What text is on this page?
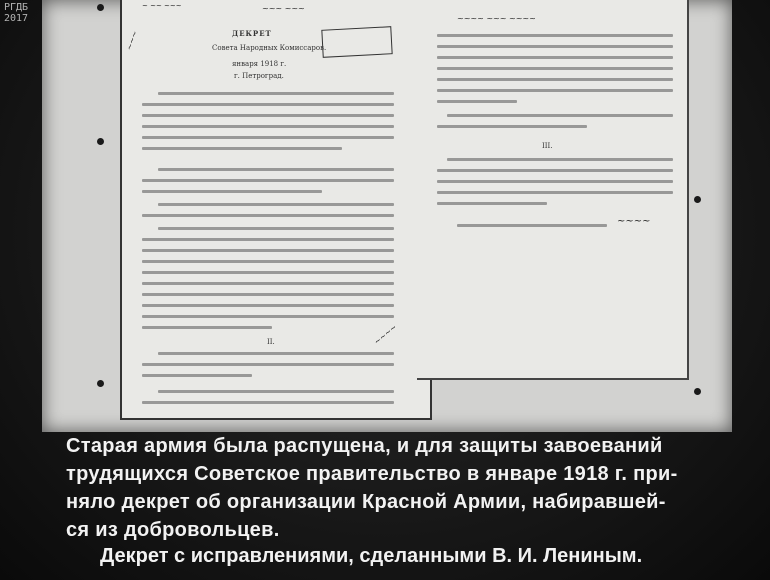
РГДБ
2017
~ ~~ ~~~	~~~ ~~~
~~~	ДЕКРЕТ
Совета Народных Комиссаров.
января 1918 г.
г. Петроград.
II.	~~~~
~~~~ ~~~ ~~~~
III.
~~~~
Старая армия была распущена, и для защиты завоеваний
трудящихся Советское правительство в январе 1918 г. при-
няло декрет об организации Красной Армии, набиравшей-
ся из добровольцев.
Декрет с исправлениями, сделанными В. И. Лениным.
